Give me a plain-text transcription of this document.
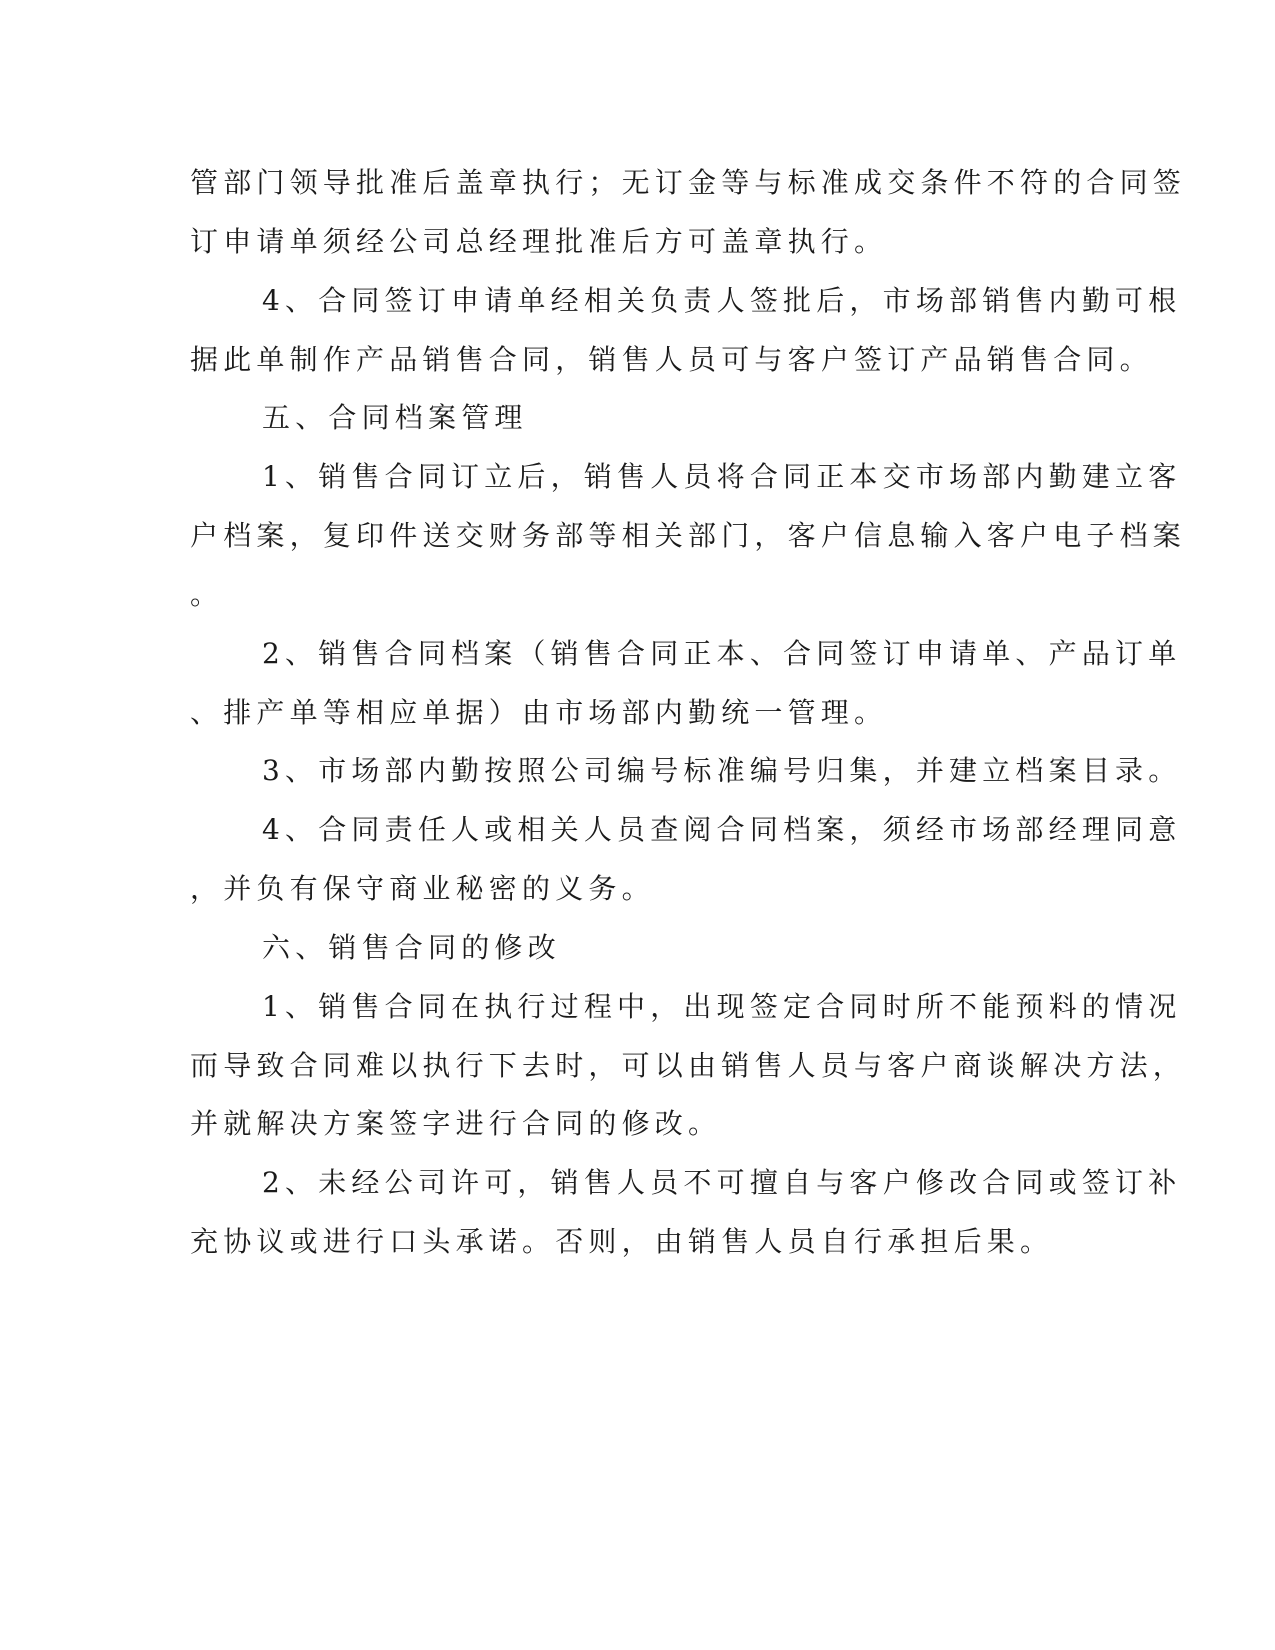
管部门领导批准后盖章执行；无订金等与标准成交条件不符的合同签
订申请单须经公司总经理批准后方可盖章执行。
4、合同签订申请单经相关负责人签批后，市场部销售内勤可根
据此单制作产品销售合同，销售人员可与客户签订产品销售合同。
五、合同档案管理
1、销售合同订立后，销售人员将合同正本交市场部内勤建立客
户档案，复印件送交财务部等相关部门，客户信息输入客户电子档案
。
2、销售合同档案（销售合同正本、合同签订申请单、产品订单
、排产单等相应单据）由市场部内勤统一管理。
3、市场部内勤按照公司编号标准编号归集，并建立档案目录。
4、合同责任人或相关人员查阅合同档案，须经市场部经理同意
，并负有保守商业秘密的义务。
六、销售合同的修改
1、销售合同在执行过程中，出现签定合同时所不能预料的情况
而导致合同难以执行下去时，可以由销售人员与客户商谈解决方法，
并就解决方案签字进行合同的修改。
2、未经公司许可，销售人员不可擅自与客户修改合同或签订补
充协议或进行口头承诺。否则，由销售人员自行承担后果。
